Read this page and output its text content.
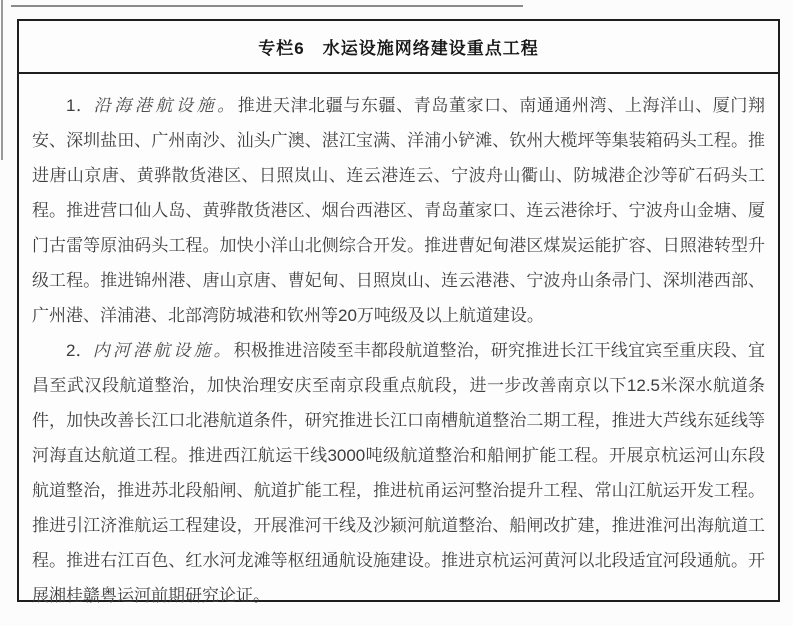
专栏6　水运设施网络建设重点工程

1．沿海港航设施。推进天津北疆与东疆、青岛董家口、南通通州湾、上海洋山、厦门翔安、深圳盐田、广州南沙、汕头广澳、湛江宝满、洋浦小铲滩、钦州大榄坪等集装箱码头工程。推进唐山京唐、黄骅散货港区、日照岚山、连云港连云、宁波舟山衢山、防城港企沙等矿石码头工程。推进营口仙人岛、黄骅散货港区、烟台西港区、青岛董家口、连云港徐圩、宁波舟山金塘、厦门古雷等原油码头工程。加快小洋山北侧综合开发。推进曹妃甸港区煤炭运能扩容、日照港转型升级工程。推进锦州港、唐山京唐、曹妃甸、日照岚山、连云港港、宁波舟山条帚门、深圳港西部、广州港、洋浦港、北部湾防城港和钦州等20万吨级及以上航道建设。

2．内河港航设施。积极推进涪陵至丰都段航道整治，研究推进长江干线宜宾至重庆段、宜昌至武汉段航道整治，加快治理安庆至南京段重点航段，进一步改善南京以下12.5米深水航道条件，加快改善长江口北港航道条件，研究推进长江口南槽航道整治二期工程，推进大芦线东延线等河海直达航道工程。推进西江航运干线3000吨级航道整治和船闸扩能工程。开展京杭运河山东段航道整治，推进苏北段船闸、航道扩能工程，推进杭甬运河整治提升工程、常山江航运开发工程。推进引江济淮航运工程建设，开展淮河干线及沙颍河航道整治、船闸改扩建，推进淮河出海航道工程。推进右江百色、红水河龙滩等枢纽通航设施建设。推进京杭运河黄河以北段适宜河段通航。开展湘桂赣粤运河前期研究论证。
